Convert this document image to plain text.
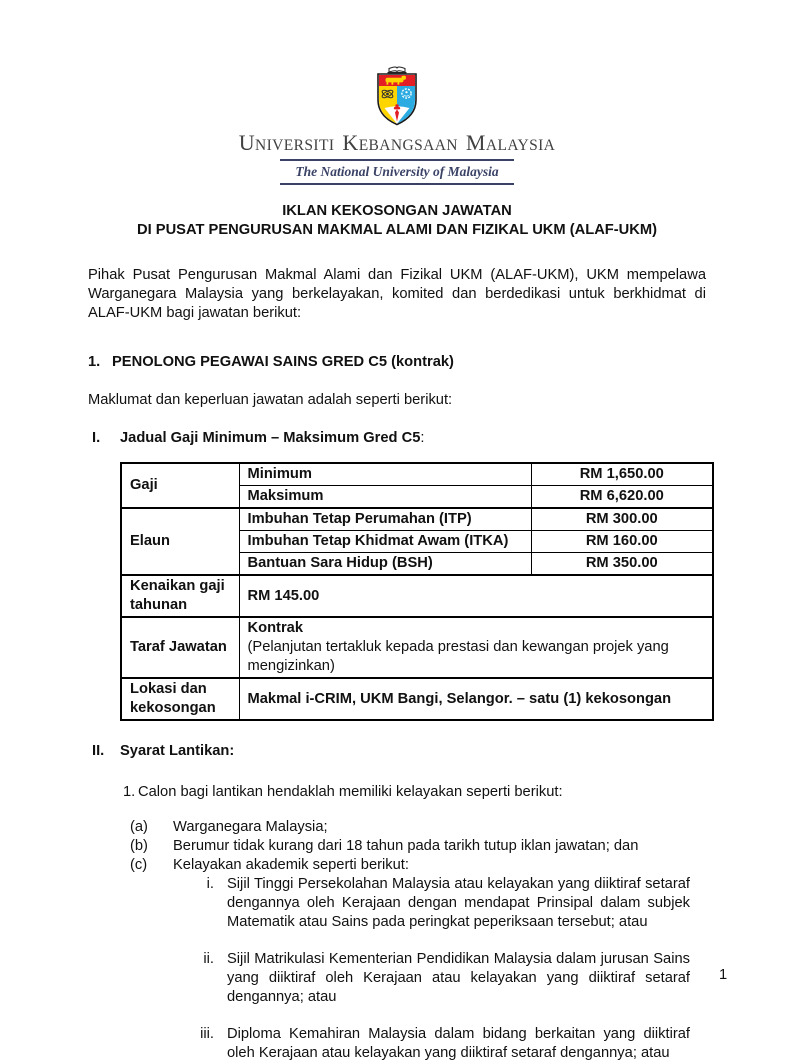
UNIVERSITI KEBANGSAAN MALAYSIA
The National University of Malaysia
IKLAN KEKOSONGAN JAWATAN
DI PUSAT PENGURUSAN MAKMAL ALAMI DAN FIZIKAL UKM (ALAF-UKM)

Pihak Pusat Pengurusan Makmal Alami dan Fizikal UKM (ALAF-UKM), UKM mempelawa Warganegara Malaysia yang berkelayakan, komited dan berdedikasi untuk berkhidmat di ALAF-UKM bagi jawatan berikut:

1. PENOLONG PEGAWAI SAINS GRED C5 (kontrak)

Maklumat dan keperluan jawatan adalah seperti berikut:

I.	Jadual Gaji Minimum – Maksimum Gred C5:
Gaji	Minimum	RM 1,650.00
	Maksimum	RM 6,620.00
Elaun	Imbuhan Tetap Perumahan (ITP)	RM 300.00
	Imbuhan Tetap Khidmat Awam (ITKA)	RM 160.00
	Bantuan Sara Hidup (BSH)	RM 350.00
Kenaikan gaji tahunan	RM 145.00	
Taraf Jawatan	Kontrak
(Pelanjutan tertakluk kepada prestasi dan kewangan projek yang mengizinkan)	

Lokasi dan kekosongan	Makmal i-CRIM, UKM Bangi, Selangor. – satu (1) kekosongan	
II.	Syarat Lantikan:
1. Calon bagi lantikan hendaklah memiliki kelayakan seperti berikut:
(a)	Warganegara Malaysia;
(b)	Berumur tidak kurang dari 18 tahun pada tarikh tutup iklan jawatan; dan
(c)	Kelayakan akademik seperti berikut:
i. Sijil Tinggi Persekolahan Malaysia atau kelayakan yang diiktiraf setaraf dengannya oleh Kerajaan dengan mendapat Prinsipal dalam subjek Matematik atau Sains pada peringkat peperiksaan tersebut; atau
ii. Sijil Matrikulasi Kementerian Pendidikan Malaysia dalam jurusan Sains yang diiktiraf oleh Kerajaan atau kelayakan yang diiktiraf setaraf dengannya; atau
iii. Diploma Kemahiran Malaysia dalam bidang berkaitan yang diiktiraf oleh Kerajaan atau kelayakan yang diiktiraf setaraf dengannya; atau
1
